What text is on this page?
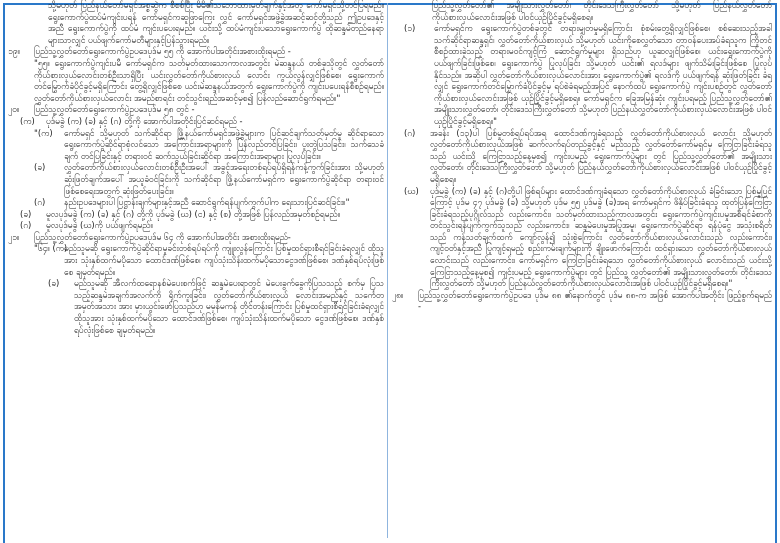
သို့မဟုတ် ပြည်နယ်တော်မရှင်အစ္စဆွဲက စီစစ်ပြီး မိမိ၏သဘောထားမှတ်ချက်နှင့်အတူ ကော်မရှင်သို့တင်ပြရမည်။ ရွေးကောက်ပွဲထပ်မံကျင်းပရန် ကော်မရှင်ကဆူဖြာကြေး လွှင် ကော်မရှင်အဖွဲ့ခွဲအဆင့်ဆင့်တို့သည် ဤဥပဒေနှင့်အညီ ရွေးကောက်ပွဲကို ထပ်မံ ကျင်းပပေးရမည်။ ယင်းသို့ ထပ်မံကျင်းပသောရွေးကောက်ပွဲ ထိုဆန္ဒမဲတည်နေရာ များသာလျှင် ပယ်ဖျက်ကော်မတီများနှင့်ပြန်သွားရမည်။
၁၉။	ပြည်သူ့လွှတ်တော်ရွေးကောက်ပွဲဥပဒေပုဒ်မ ၅၅ ကို အောက်ပါအတိုင်းအစားထိုးရမည် -
"၅၅။ ရွေးကောက်ပွဲကျင်းပမီ ကော်မရှင်က သတ်မှတ်ထားသောကာလအတွင်း မဲဆန္ဒနယ် တစ်ခုသိုတွင် လွှတ်တော်ကိုယ်စားလှယ်လောင်းတစ်ဦးသာရှိပြီး ယင်းလွှတ်တော်ကိုယ်စားလှယ် လောင်း ကွယ်လွန်လျှင်ဖြစ်စေ၊ ရွေးကောက်တင်မြှောက်ခံပိုင်ခွင့်မရှိကြောင်း တွေ့ရှိလျှင်ဖြစ်စေ ယင်းမဲဆန္ဒနယ်အတွက် ရွေးကောက်ပွဲကို ကျင်းပပေးရန်စီစဉ်ရမည်။ လွှတ်တော်ကိုယ်စားလှယ်လောင်း အမည်စာရင်း တင်သွင်းရည်အဆင့်မှစ၍ ပြန်လည်ဆောင်ရွက်ရမည်။"
၂၀။	ပြည်သူ့လွှတ်တော်ရွေးကောက်ပွဲဥပဒေပုဒ်မ ၅၈ တွင် -
(က)	ပုဒ်မခွဲ (က) (ခ) နှင့် (ဂ) တို့ကို အောက်ပါအတိုင်းပြင်ဆင်ရမည် -
"(က)	ကော်မရှင် သို့မဟုတ် သက်ဆိုင်ရာ ဖြို့နယ်ကော်မရှင်အဖွဲ့ခွဲများက ပြင်ဆင်ချက်သတ်မှတ်မှု ဆိုင်ရာသော ရွေးကောက်ပွဲဆိုင်ရာစုံလင်သော အကြောင်းအရာများကို ပြန်လည်တင်ပြခြင်း၊ ပူးတွဲပြသခြင်း၊ သက်သေခံချက် တင်ပြခြင်းနှင့် တရားဝင် ဆက်သွယ်ခြင်းဆိုင်ရာ အကြောင်းအရာများ ပြုလုပ်ခြင်း။
(ခ)	လွှတ်တော်ကိုယ်စားလှယ်လောင်းတစ်ဦးဦးအပေါ် အခွင့်အရေးတစ်ရပ်ရပ်ရှိရန်ကန့်ကွက်ခြင်းအား သို့မဟုတ် ဆုံးဖြတ်ချက်အပေါ် အယူခံဝင်ခြင်းကို သက်ဆိုင်ရာ ဖြို့နယ်ကော်မရှင်က ရွေးကောက်ပွဲဆိုင်ရာ တရားဝင်ဖြစ်စေရေးအတွက် ဆုံးဖြတ်ပေးခြင်း။
(ဂ)	နည်းဥပဒေများပါ ပြဋ္ဌာန်းချက်များနှင့်အညီ ဆောင်ရွက်ရန်ပျက်ကွက်ပါက ရေးသားပြင်ဆင်ခြင်း။"
(ခ)	မူလပုဒ်မခွဲ (က) (ခ) နှင့် (ဂ) တို့ကို ပုဒ်မခွဲ (ဃ) (င) နှင့် (စ) တို့အဖြစ် ပြန်လည်အမှတ်စဉ်ရမည်။
(ဂ)	မူလပုဒ်မခွဲ (ဃ)ကို ပယ်ဖျက်ရမည်။
၂၁။	ပြည်သူ့လွှတ်တော်ရွေးကောက်ပွဲဥပဒေပုဒ်မ ၆၄ ကို အောက်ပါအတိုင်း အစားထိုးရမည်-
"၆၄။ (က)
မည်သူမဆို ရွေးကောက်ပွဲဆိုင်ရာမှုခင်းတစ်ရပ်ရပ်ကို ကျူးလွန်ကြောင်း ပြစ်မှုထင်ရှားစီရင်ခြင်းခံရလျှင် ထိုသူအား သုံးနှစ်ထက်မပိုသော ထောင်ဒဏ်ဖြစ်စေ၊ ကျပ်သုံးသိန်းထက်မပိုသောငွေဒဏ်ဖြစ်စေ၊ ဒဏ်နှစ်ရပ်လုံးဖြစ်စေ ချမှတ်ရမည်။
(ခ)	မည်သူမဆို အီလက်ထရောနစ်မဲပေးစက်ဖြင့် ဆန္ဒမဲပေးရာတွင် မဲပေးခွက်ခွေကိုပြသသည့် စက်မှ ပြသသည့်ဆန္ဒမဲအချက်အလက်ကို ရိုက်ကူးခြင်း၊ လွှတ်တော်ကိုယ်စားလှယ် လောင်းအမည်နှင့် သင်္ကေတအမှတ်အသား အား မှားယွင်းဖော်ပြသည်ဟု မမှန်မကန် တိုင်တန်းကြောင်း ပြစ်မှုထင်ရှားစီရင်ခြင်းခံရလျှင် ထိုသူအား သုံးနှစ်ထက်မပိုသော ထောင်ဒဏ်ဖြစ်စေ၊ ကျပ်သုံးသိန်းထက်မပိုသော ငွေဒဏ်ဖြစ်စေ၊ ဒဏ်နှစ်ရပ်လုံးဖြစ်စေ ချမှတ်ရမည်။
ပြည်သူ့လွှတ်တော်၏ အမျိုးသားလွှတ်တော်၊ တိုင်းဒေသကြီးလွှတ်တော် သို့မဟုတ် ပြည်နယ်လွှတ်တော်ကိုယ်စားလှယ်လောင်းအဖြစ် ပါဝင်ယှဉ်ပြိုင်ခွင့်မရှိစေရ။
(၁)	ကော်မရှင်က ရွေးကောက်ပွဲတစ်ခုတွင် တရားမျှတမှုမရှိကြောင်း စုံစမ်းတွေ့ရှိလျှင်ဖြစ်စေ၊ စစ်ဆေးသည့်အခါ သက်ဆိုင်ရာဆန္ဒရှင်၊ လွှတ်တော်ကိုယ်စားလှယ် သို့မဟုတ် ယင်းကိုစေလွှတ်သော တာဝန်ပေးအပ်ခံရသူက ကြိုတင်စီစဉ်ထားခဲ့သည့် တရားမဝင်ကျင့်ကြံ ဆောင်ရွက်မှုများ ရှိသည်ဟု ယူဆလျှင်ဖြစ်စေ၊ ယင်းရွေးကောက်ပွဲကို ပယ်ဖျက်ခြင်းဖြစ်စေ၊ ရွေးကောက်ပွဲ ပြုလုပ်ခြင်း သို့မဟုတ် ယင်း၏ ရလဒ်များ ဖျက်သိမ်းခြင်းဖြစ်စေ ပြုလုပ်နိုင်သည်။ အဆိုပါ လွှတ်တော်ကိုယ်စားလှယ်လောင်းအား ရွေးကောက်ပွဲ၏ ရလဒ်ကို ပယ်ဖျက်ရန် ဆုံးဖြတ်ခြင်း ခံရလျှင် ရွေးကောက်တင်မြှောက်ခံပိုင်ခွင့်မှ ရပ်စဲခံရမည့်အပြင် နောက်ထပ် ရွေးကောက်ပွဲ ကျင်းပစဉ်တွင် လွှတ်တော်ကိုယ်စားလှယ်လောင်းအဖြစ် ယှဉ်ပြိုင်ခွင့်မရှိစေရ။ ကော်မရှင်က ခြေအမြန်ဆုံး ကျင်းပရမည့် ပြည်သူ့လွှတ်တော်၏ အမျိုးသားလွှတ်တော်၊ တိုင်းဒေသကြီးလွှတ်တော် သို့မဟုတ် ပြည်နယ်လွှတ်တော်ကိုယ်စားလှယ်လောင်းအဖြစ် ပါဝင်ယှဉ်ပြိုင်ခွင့်မရှိစေရ။"
(ဂ)	အခန်း (၁၃)ပါ ပြစ်မှုတစ်ရပ်ရပ်အရ ထောင်ဒဏ်ကျခံရသည့် လွှတ်တော်ကိုယ်စားလှယ် လောင်း သို့မဟုတ် လွှတ်တော်ကိုယ်စားလှယ်အဖြစ် ဆက်လက်ရပ်တည်ခွင့်နှင့် မည်သည့် လွှတ်တော်ကော်မရှင်မှ ကြေငြာခြင်းခံရသူသည် ယင်းသို့ ကြေငြာသည့်နေ့မှစ၍ ကျင်းပမည့် ရွေးကောက်ပွဲများ တွင် ပြည်သူ့လွှတ်တော်၏ အမျိုးသားလွှတ်တော်၊ တိုင်းဒေသကြီးလွှတ်တော် သို့မဟုတ် ပြည်နယ်လွှတ်တော်ကိုယ်စားလှယ်လောင်းအဖြစ် ပါဝင်ယှဉ်ပြိုင်ခွင့်မရှိစေရ။
(ဃ)	ပုဒ်မခွဲ (က) (ခ) နှင့် (ဂ)တို့ပါ ဖြစ်ရပ်များ ထောင်ဒဏ်ကျခံရသော လွှတ်တော်ကိုယ်စားလှယ် ခံခြင်းသော ပြစ်မှုပြင် ကြောင့် ပုဒ်မ ၄၇ ပုဒ်မခွဲ (ခ) သို့မဟုတ် ပုဒ်မ ၅၅ ပုဒ်မခွဲ (ခ)အရ ကော်မရှင်က ဖိနှိပ်ခြင်းခံရသူ ထုတ်ပြန်ကြေငြာခြင်းခံရသည့်ပုဂ္ဂိုလ်သည် လည်းကောင်း၊ သတ်မှတ်ထားသည့်ကာလအတွင်း ရွေးကောက်ပွဲကျင်းပမှုအစီရင်ခံစာကို တင်သွင်းရန်ပျက်ကွက်သူသည် လည်းကောင်း၊ ဆန္ဒမဲပေးမှုအပြုအမူ၊ ရွေးကောက်ပွဲဆိုင်ရာ ရန်ပုံငွေ အသုံးစရိတ်သည် ကန့်သတ်ချက်ထက် ကျော်လွန်၍ သုံးစွဲကြောင်း လွှတ်တော်ကိုယ်စားလှယ်လောင်းသည် လည်းကောင်း၊ ကျင့်ဝတ်နှင့်အညီ ပြုကျင့်ရမည့် စည်းကမ်းချက်များကို ချိုးဖောက်ကြောင်း ထင်ရှားသော လွှတ်တော်ကိုယ်စားလှယ်လောင်းသည် လည်းကောင်း၊ ကော်မရှင်က ကြေငြာခြင်းခံရသော လွှတ်တော်ကိုယ်စားလှယ် လောင်းသည် ယင်းသို့ ကြေငြာသည့်နေ့မှစ၍ ကျင်းပမည့် ရွေးကောက်ပွဲများ တွင် ပြည်သူ့ လွှတ်တော်၏ အမျိုးသားလွှတ်တော်၊ တိုင်းဒေသကြီးလွှတ်တော် သို့မဟုတ် ပြည်နယ်လွှတ်တော်ကိုယ်စားလှယ်လောင်းအဖြစ် ပါဝင်ယှဉ်ပြိုင်ခွင့်မရှိစေရ။"
၂၈။	ပြည်သူ့လွှတ်တော်ရွေးကောက်ပွဲဥပဒေ ပုဒ်မ ၈၈ ၏နောက်တွင် ပုဒ်မ ၈၈-က အဖြစ် အောက်ပါအတိုင်း ဖြည့်စွက်ရမည် -
